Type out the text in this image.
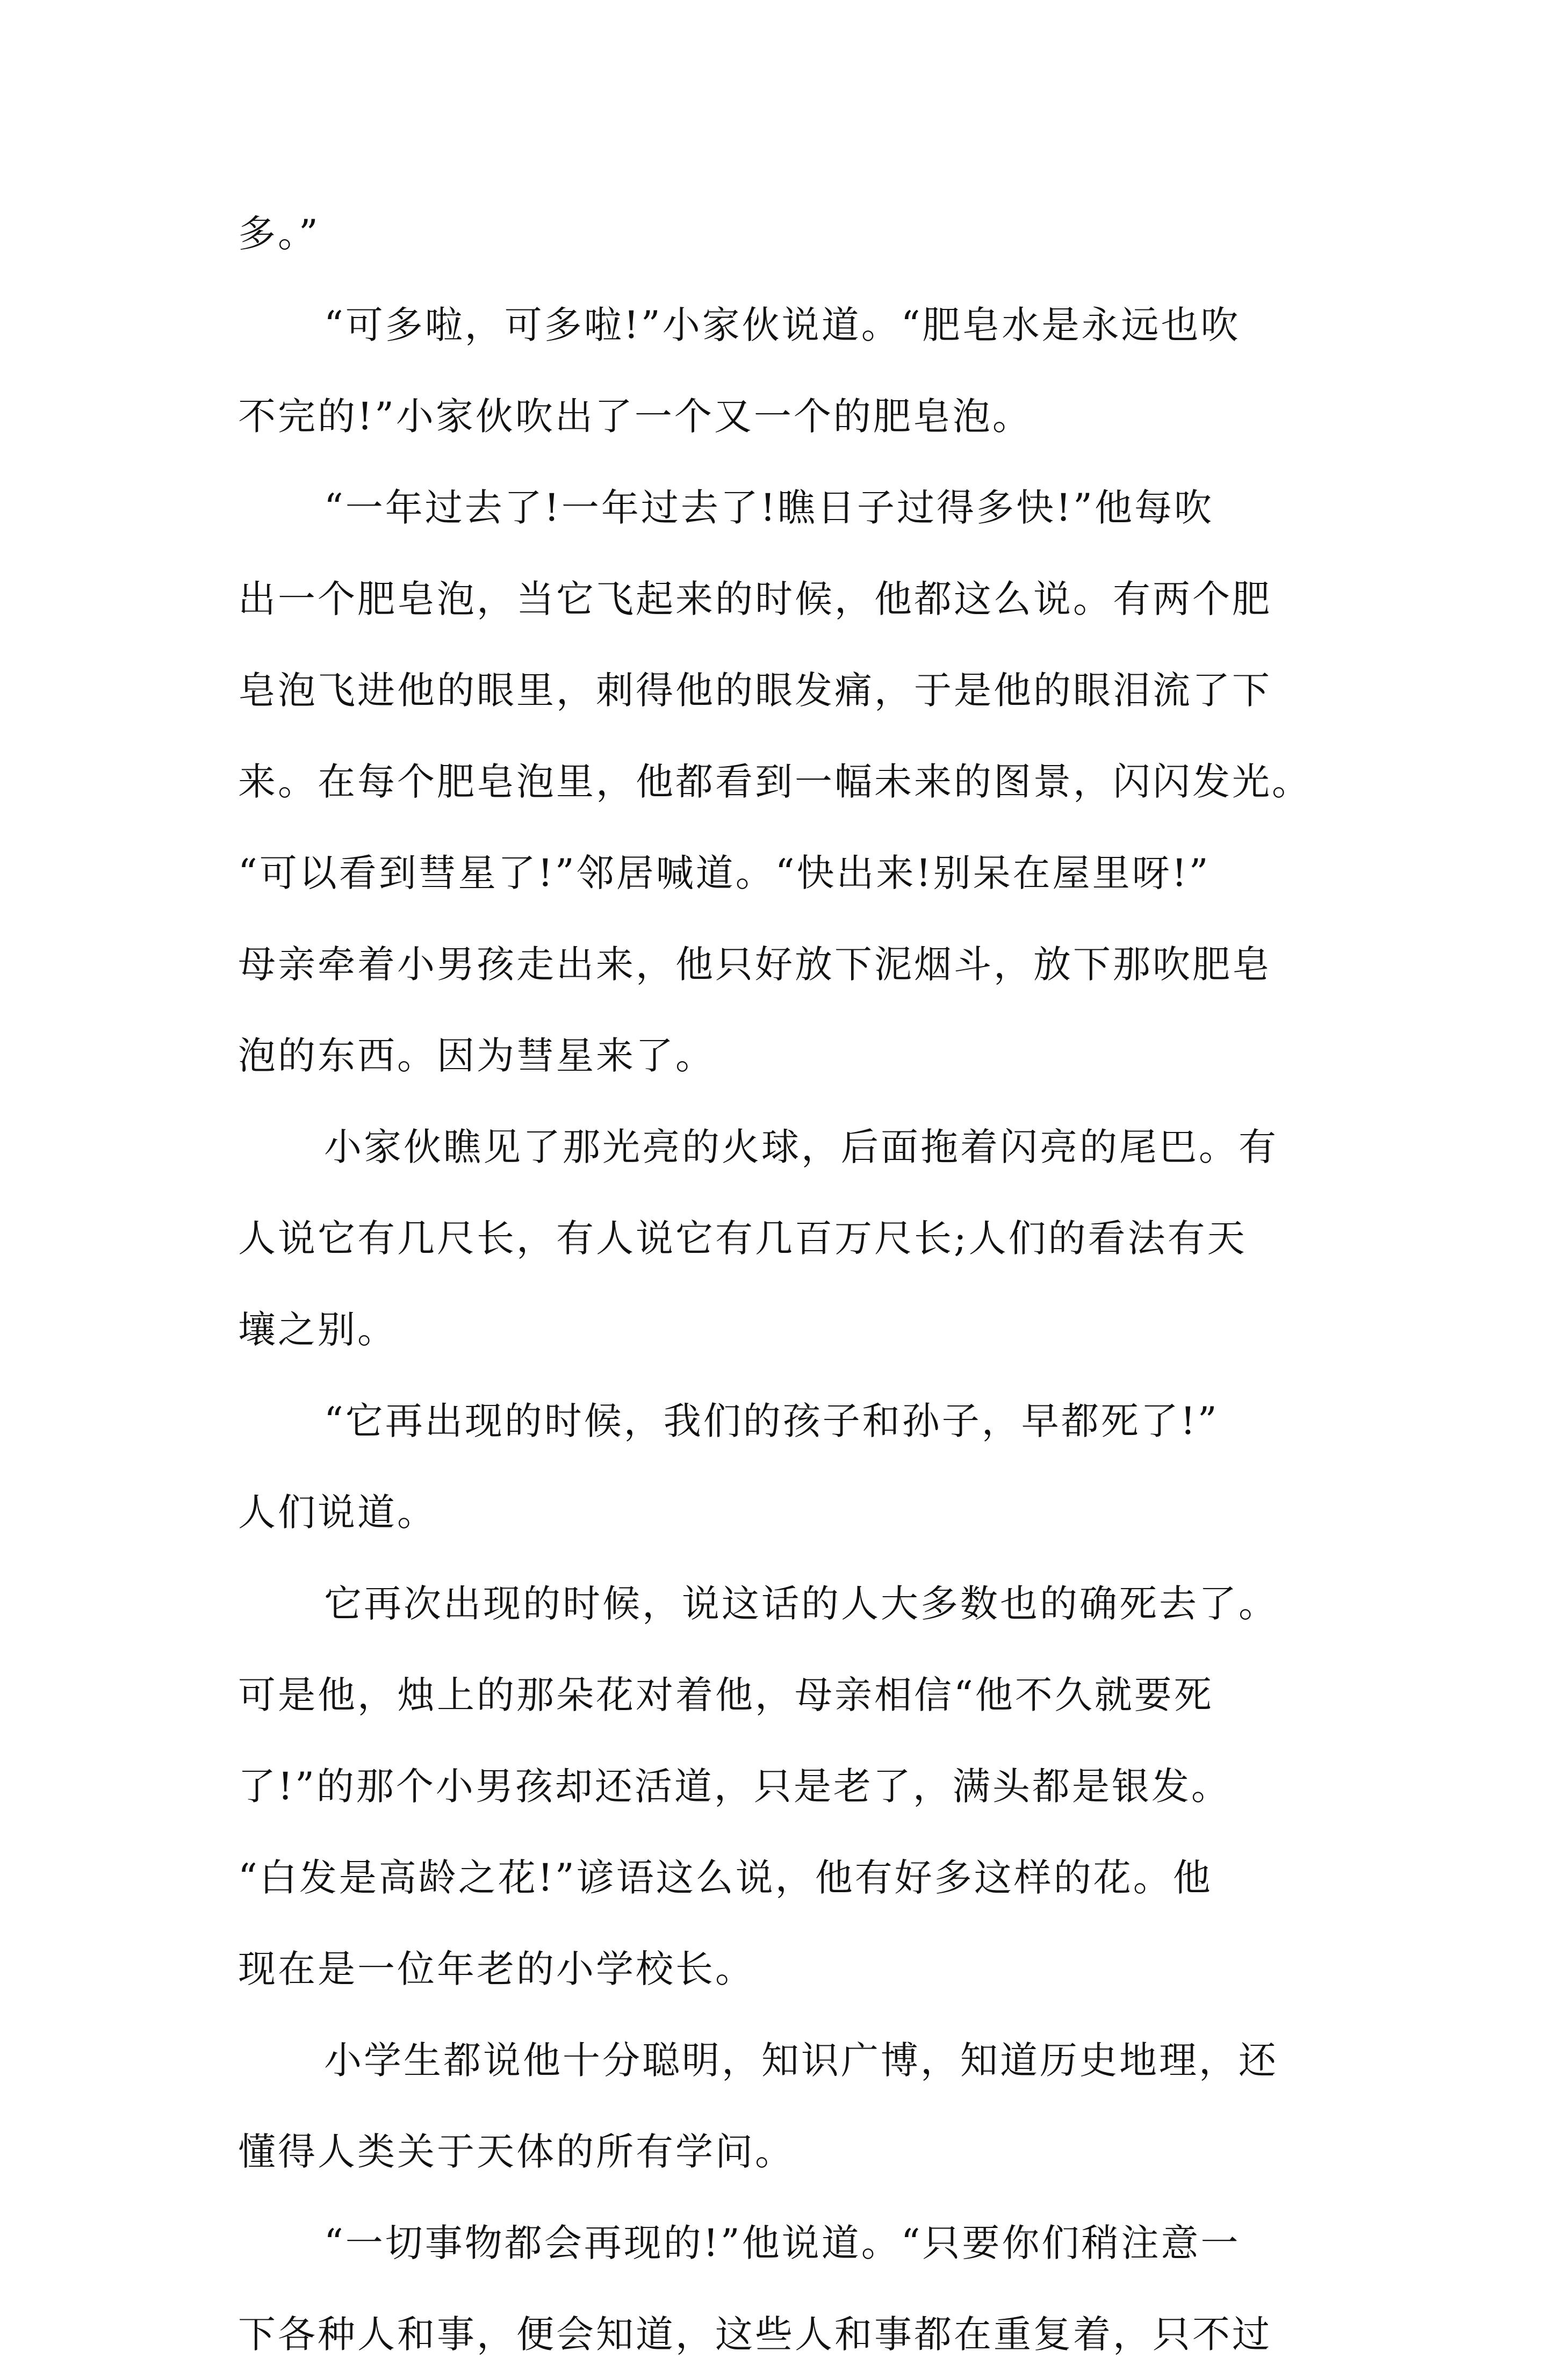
多。”
“可多啦，可多啦!”小家伙说道。“肥皂水是永远也吹
不完的!”小家伙吹出了一个又一个的肥皂泡。
“一年过去了!一年过去了!瞧日子过得多快!”他每吹
出一个肥皂泡，当它飞起来的时候，他都这么说。有两个肥
皂泡飞进他的眼里，刺得他的眼发痛，于是他的眼泪流了下
来。在每个肥皂泡里，他都看到一幅未来的图景，闪闪发光。
“可以看到彗星了!”邻居喊道。“快出来!别呆在屋里呀!”
母亲牵着小男孩走出来，他只好放下泥烟斗，放下那吹肥皂
泡的东西。因为彗星来了。
小家伙瞧见了那光亮的火球，后面拖着闪亮的尾巴。有
人说它有几尺长，有人说它有几百万尺长;人们的看法有天
壤之别。
“它再出现的时候，我们的孩子和孙子，早都死了!”
人们说道。
它再次出现的时候，说这话的人大多数也的确死去了。
可是他，烛上的那朵花对着他，母亲相信“他不久就要死
了!”的那个小男孩却还活道，只是老了，满头都是银发。
“白发是高龄之花!”谚语这么说，他有好多这样的花。他
现在是一位年老的小学校长。
小学生都说他十分聪明，知识广博，知道历史地理，还
懂得人类关于天体的所有学问。
“一切事物都会再现的!”他说道。“只要你们稍注意一
下各种人和事，便会知道，这些人和事都在重复着，只不过
